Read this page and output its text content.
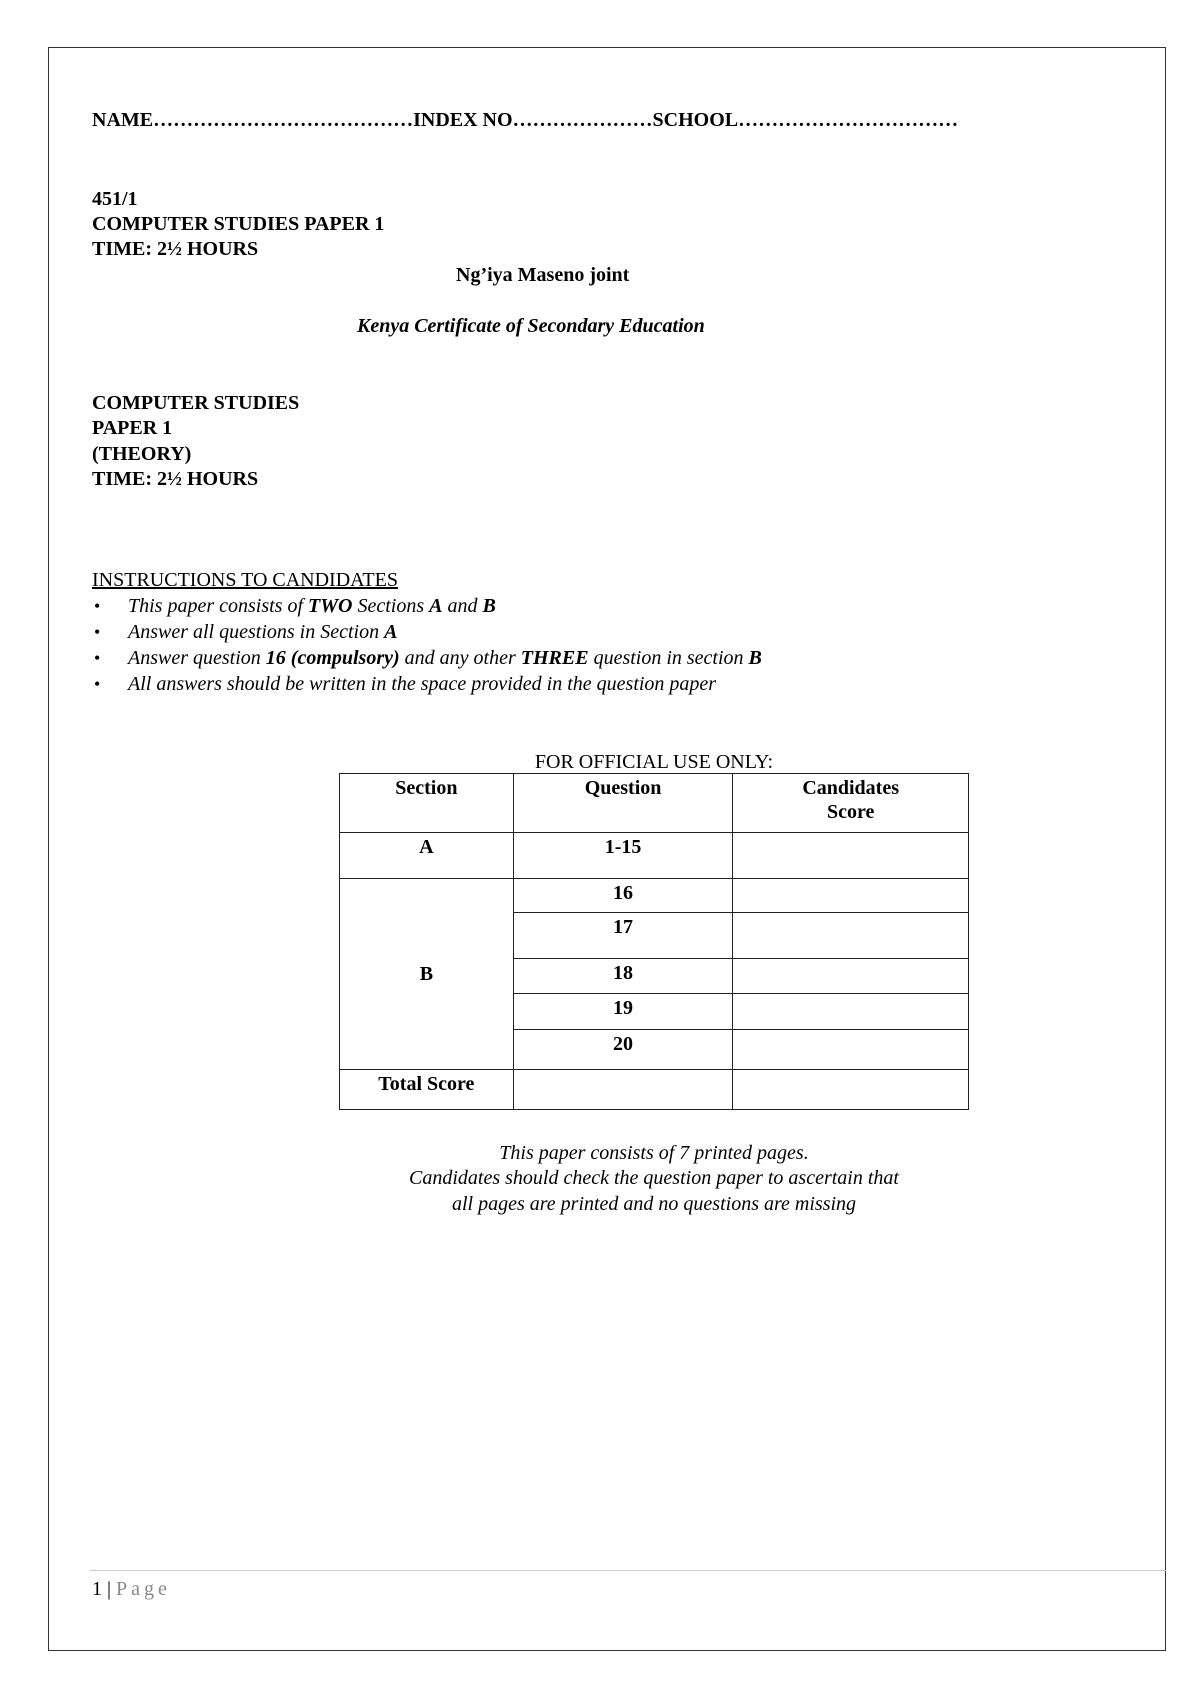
NAME…………………………………INDEX NO…………………SCHOOL……………………………
451/1
COMPUTER STUDIES PAPER 1
TIME: 2½ HOURS
Ng’iya Maseno joint
Kenya Certificate of Secondary Education
COMPUTER STUDIES
PAPER 1
(THEORY)
TIME: 2½ HOURS
INSTRUCTIONS TO CANDIDATES
• This paper consists of TWO Sections A and B
• Answer all questions in Section A
• Answer question 16 (compulsory) and any other THREE question in section B
• All answers should be written in the space provided in the question paper
FOR OFFICIAL USE ONLY:
Section	Question	Candidates
Score
A	1-15	
B	16	
	17	
	18	
	19	
	20	
Total Score		
This paper consists of 7 printed pages.
Candidates should check the question paper to ascertain that
all pages are printed and no questions are missing
1 | Page
